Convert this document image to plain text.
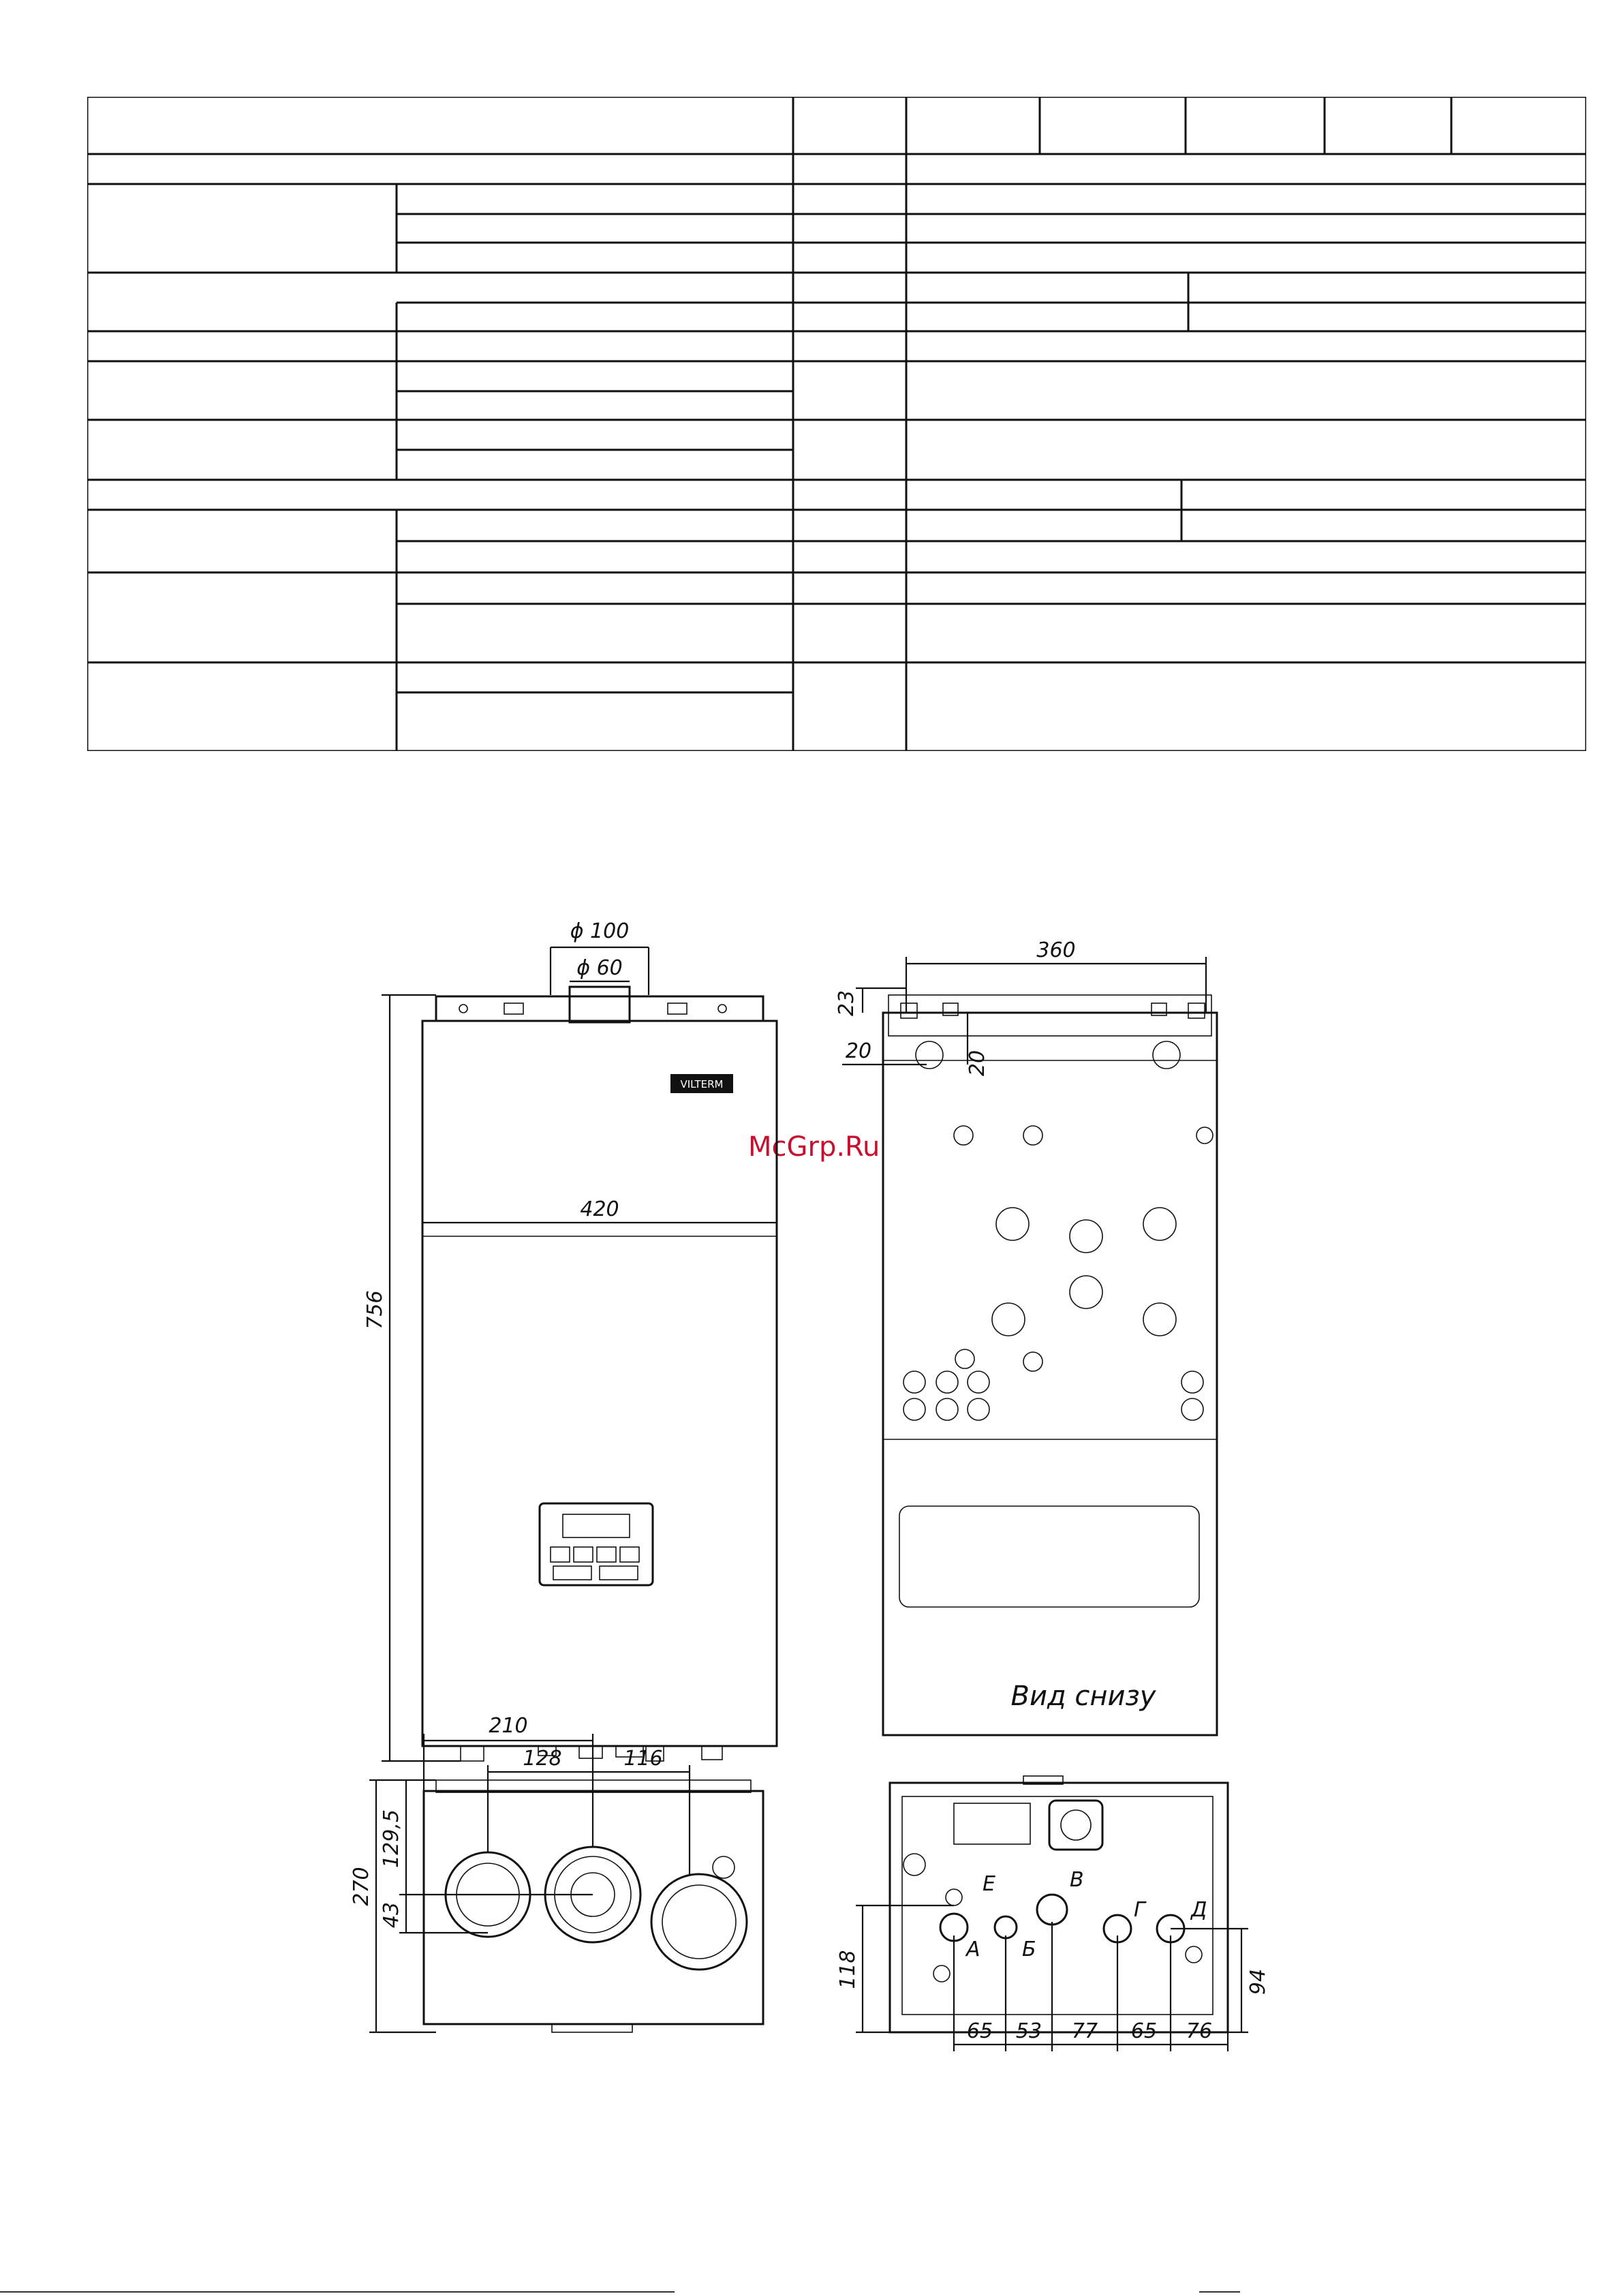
McGrp.Ru
VILTERM
756
420
ϕ 100
ϕ 60
360
23
20	20
210
128	116
270
129,5
43
Вид снизу
Е
А Б
В
Г Д
118	94
65 53 77 65 76
